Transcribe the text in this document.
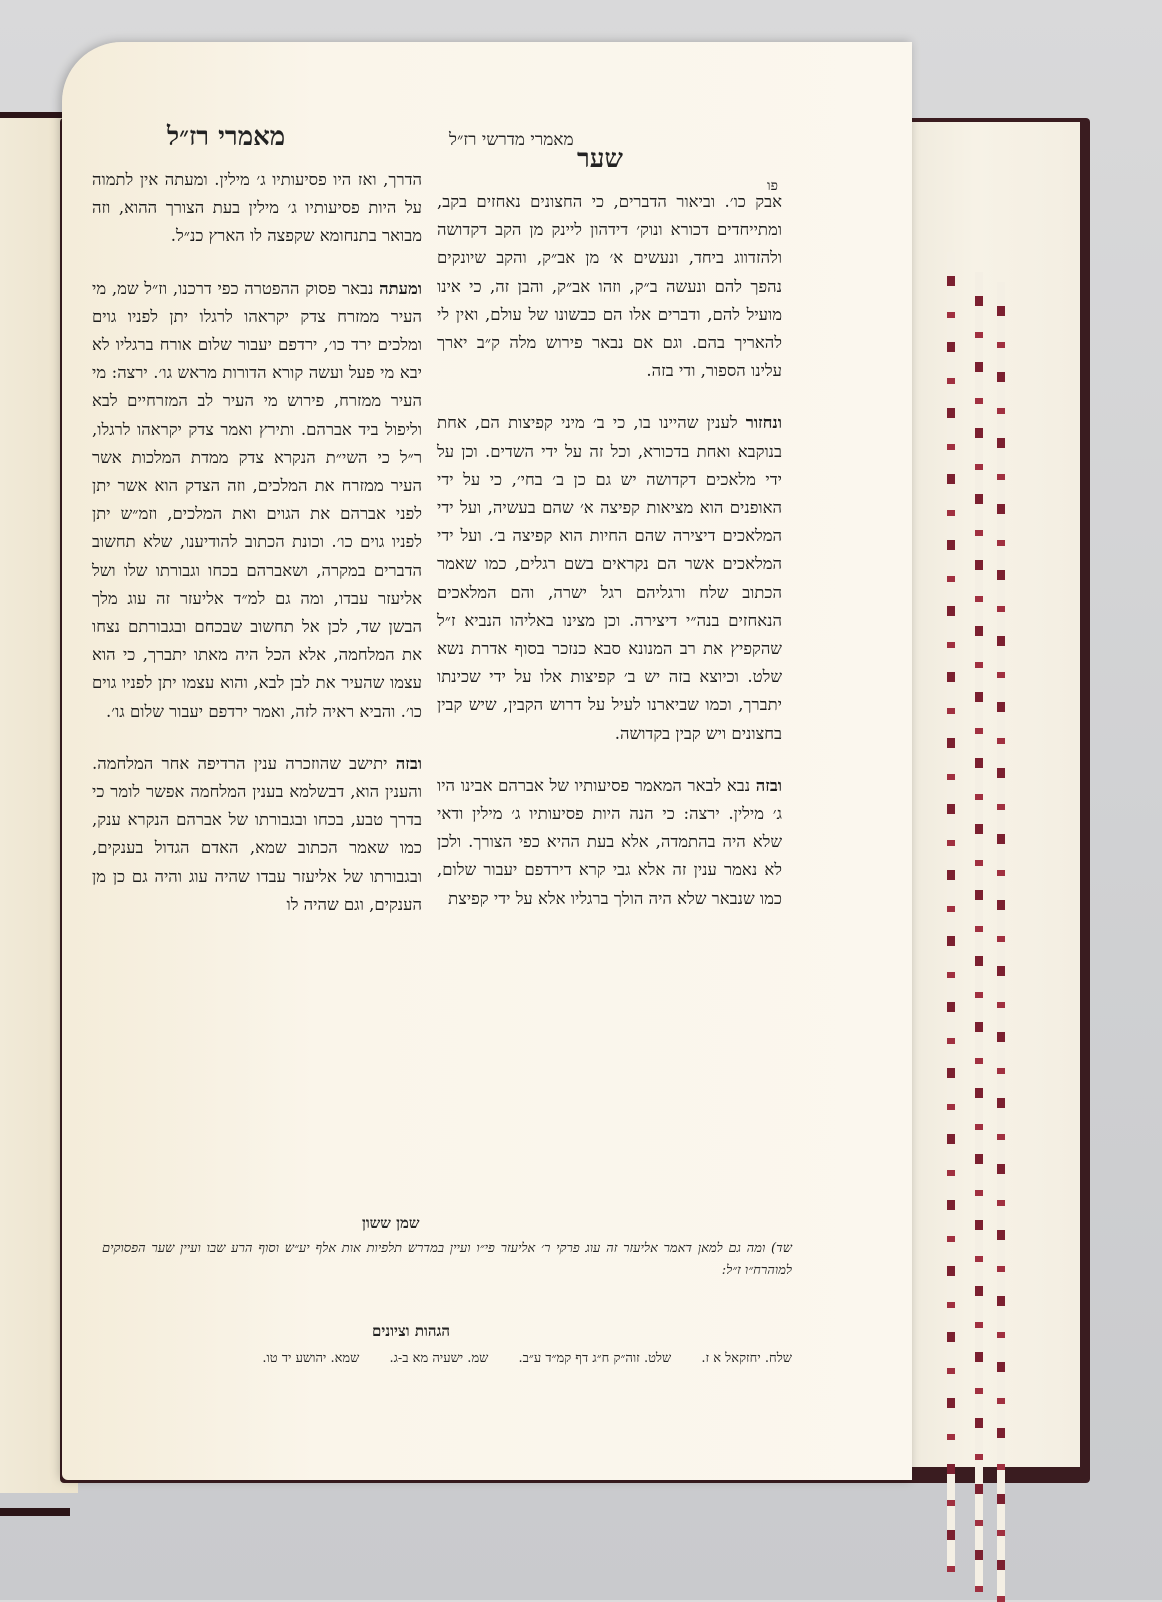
מאמרי רז״ל	מאמרי מדרשי רז״ל
שער
פו

אבק כו׳. וביאור הדברים, כי החצונים נאחזים בקב, ומתייחדים דכורא ונוק׳ דידהון ליינק מן הקב דקדושה ולהזדווג ביחד, ונעשים א׳ מן אב״ק, והקב שיונקים נהפך להם ונעשה ב״ק, וזהו אב״ק, והבן זה, כי אינו מועיל להם, ודברים אלו הם כבשונו של עולם, ואין לי להאריך בהם. וגם אם נבאר פירוש מלה ק״ב יארך עלינו הספור, ודי בזה.

ונחזור לענין שהיינו בו, כי ב׳ מיני קפיצות הם, אחת בנוקבא ואחת בדכורא, וכל זה על ידי השדים. וכן על ידי מלאכים דקדושה יש גם כן ב׳ בחי׳, כי על ידי האופנים הוא מציאות קפיצה א׳ שהם בעשיה, ועל ידי המלאכים דיצירה שהם החיות הוא קפיצה ב׳. ועל ידי המלאכים אשר הם נקראים בשם רגלים, כמו שאמר הכתוב שלח ורגליהם רגל ישרה, והם המלאכים הנאחזים בנה״י דיצירה. וכן מצינו באליהו הנביא ז״ל שהקפיץ את רב המנונא סבא כנזכר בסוף אדרת נשא שלט. וכיוצא בזה יש ב׳ קפיצות אלו על ידי שכינתו יתברך, וכמו שביארנו לעיל על דרוש הקבין, שיש קבין בחצונים ויש קבין בקדושה.

ובזה נבא לבאר המאמר פסיעותיו של אברהם אבינו היו ג׳ מילין. ירצה: כי הנה היות פסיעותיו ג׳ מילין ודאי שלא היה בהתמדה, אלא בעת ההיא כפי הצורך. ולכן לא נאמר ענין זה אלא גבי קרא דירדפם יעבור שלום, כמו שנבאר שלא היה הולך ברגליו אלא על ידי קפיצת

הדרך, ואז היו פסיעותיו ג׳ מילין. ומעתה אין לתמוה על היות פסיעותיו ג׳ מילין בעת הצורך ההוא, וזה מבואר בתנחומא שקפצה לו הארץ כנ״ל.

ומעתה נבאר פסוק ההפטרה כפי דרכנו, וז״ל שמ, מי העיר ממזרח צדק יקראהו לרגלו יתן לפניו גוים ומלכים ירד כו׳, ירדפם יעבור שלום אורח ברגליו לא יבא מי פעל ועשה קורא הדורות מראש גו׳. ירצה: מי העיר ממזרח, פירוש מי העיר לב המזרחיים לבא וליפול ביד אברהם. ותירץ ואמר צדק יקראהו לרגלו, ר״ל כי השי״ת הנקרא צדק ממדת המלכות אשר העיר ממזרח את המלכים, וזה הצדק הוא אשר יתן לפני אברהם את הגוים ואת המלכים, וזמ״ש יתן לפניו גוים כו׳. וכונת הכתוב להודיענו, שלא תחשוב הדברים במקרה, ושאברהם בכחו וגבורתו שלו ושל אליעזר עבדו, ומה גם למ״ד אליעזר זה עוג מלך הבשן שד, לכן אל תחשוב שבכחם ובגבורתם נצחו את המלחמה, אלא הכל היה מאתו יתברך, כי הוא עצמו שהעיר את לבן לבא, והוא עצמו יתן לפניו גוים כו׳. והביא ראיה לזה, ואמר ירדפם יעבור שלום גו׳.

ובזה יתישב שהוזכרה ענין הרדיפה אחר המלחמה. והענין הוא, דבשלמא בענין המלחמה אפשר לומר כי בדרך טבע, בכחו ובגבורתו של אברהם הנקרא ענק, כמו שאמר הכתוב שמא, האדם הגדול בענקים, ובגבורתו של אליעזר עבדו שהיה עוג והיה גם כן מן הענקים, וגם שהיה לו

שמן ששון
שד) ומה גם למאן דאמר אליעזר זה עוג פרקי ר׳ אליעזר פי״ו ועיין במדרש תלפיות אות אלף יע״ש וסוף הרע שבו ועיין שער הפסוקים למוהרח״ו ז״ל:
הגהות וציונים
שלח. יחזקאל א ז. שלט. זוה״ק ח״ג דף קמ״ד ע״ב. שמ. ישעיה מא ב-ג. שמא. יהושע יד טו.
